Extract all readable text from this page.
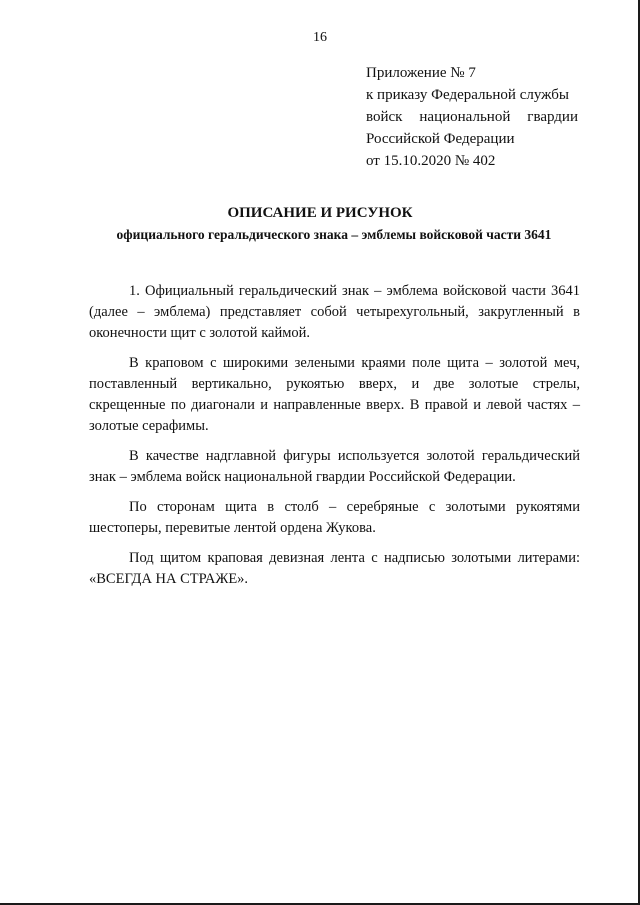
16
Приложение № 7
к приказу Федеральной службы
войск национальной гвардии
Российской Федерации
от 15.10.2020 № 402
ОПИСАНИЕ И РИСУНОК
официального геральдического знака – эмблемы войсковой части 3641

1. Официальный геральдический знак – эмблема войсковой части 3641 (далее – эмблема) представляет собой четырехугольный, закругленный в оконечности щит с золотой каймой.

В краповом с широкими зелеными краями поле щита – золотой меч, поставленный вертикально, рукоятью вверх, и две золотые стрелы, скрещенные по диагонали и направленные вверх. В правой и левой частях – золотые серафимы.

В качестве надглавной фигуры используется золотой геральдический знак – эмблема войск национальной гвардии Российской Федерации.

По сторонам щита в столб – серебряные с золотыми рукоятями шестоперы, перевитые лентой ордена Жукова.

Под щитом краповая девизная лента с надписью золотыми литерами: «ВСЕГДА НА СТРАЖЕ».
